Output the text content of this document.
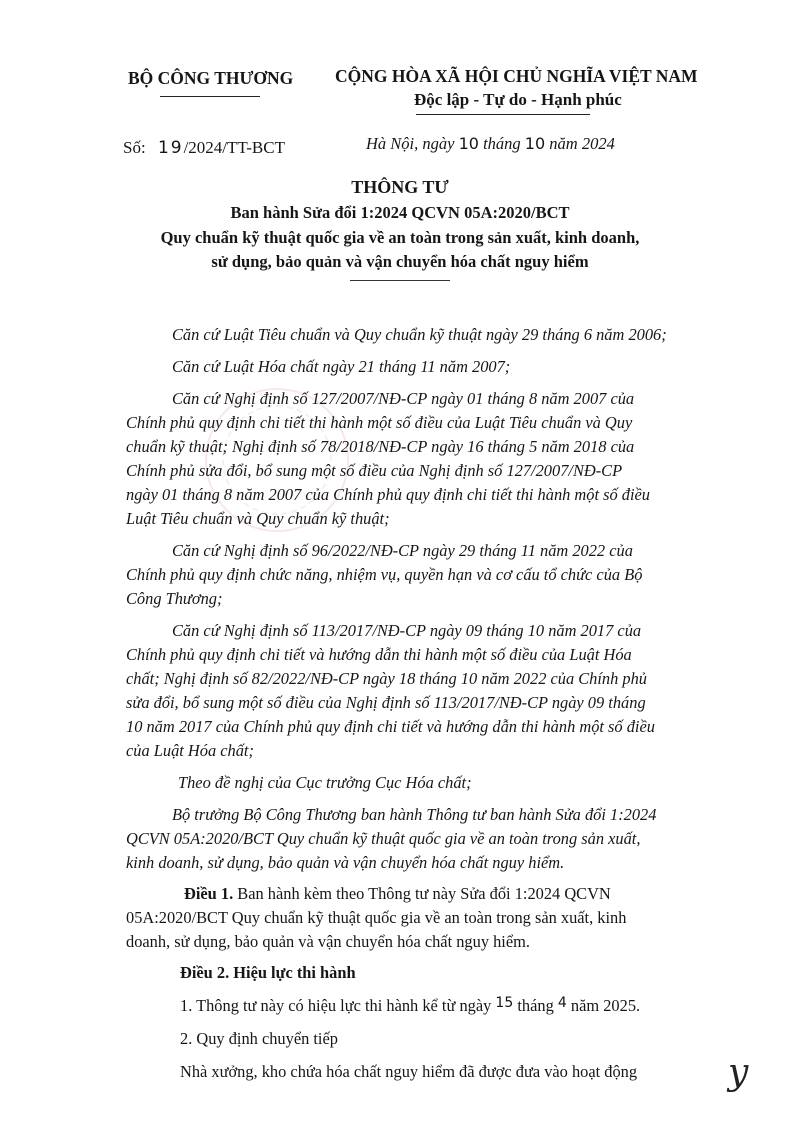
BỘ CÔNG THƯƠNG CỘNG HÒA XÃ HỘI CHỦ NGHĨA VIỆT NAM
Độc lập - Tự do - Hạnh phúc
Số: 19/2024/TT-BCT	Hà Nội, ngày 10 tháng 10 năm 2024
THÔNG TƯ
Ban hành Sửa đổi 1:2024 QCVN 05A:2020/BCT
Quy chuẩn kỹ thuật quốc gia về an toàn trong sản xuất, kinh doanh,
sử dụng, bảo quản và vận chuyển hóa chất nguy hiểm
Căn cứ Luật Tiêu chuẩn và Quy chuẩn kỹ thuật ngày 29 tháng 6 năm 2006;
Căn cứ Luật Hóa chất ngày 21 tháng 11 năm 2007;
Căn cứ Nghị định số 127/2007/NĐ-CP ngày 01 tháng 8 năm 2007 của
Chính phủ quy định chi tiết thi hành một số điều của Luật Tiêu chuẩn và Quy
chuẩn kỹ thuật; Nghị định số 78/2018/NĐ-CP ngày 16 tháng 5 năm 2018 của
Chính phủ sửa đổi, bổ sung một số điều của Nghị định số 127/2007/NĐ-CP
ngày 01 tháng 8 năm 2007 của Chính phủ quy định chi tiết thi hành một số điều
Luật Tiêu chuẩn và Quy chuẩn kỹ thuật;
Căn cứ Nghị định số 96/2022/NĐ-CP ngày 29 tháng 11 năm 2022 của
Chính phủ quy định chức năng, nhiệm vụ, quyền hạn và cơ cấu tổ chức của Bộ
Công Thương;
Căn cứ Nghị định số 113/2017/NĐ-CP ngày 09 tháng 10 năm 2017 của
Chính phủ quy định chi tiết và hướng dẫn thi hành một số điều của Luật Hóa
chất; Nghị định số 82/2022/NĐ-CP ngày 18 tháng 10 năm 2022 của Chính phủ
sửa đổi, bổ sung một số điều của Nghị định số 113/2017/NĐ-CP ngày 09 tháng
10 năm 2017 của Chính phủ quy định chi tiết và hướng dẫn thi hành một số điều
của Luật Hóa chất;
Theo đề nghị của Cục trưởng Cục Hóa chất;
Bộ trưởng Bộ Công Thương ban hành Thông tư ban hành Sửa đổi 1:2024
QCVN 05A:2020/BCT Quy chuẩn kỹ thuật quốc gia về an toàn trong sản xuất,
kinh doanh, sử dụng, bảo quản và vận chuyển hóa chất nguy hiểm.
Điều 1. Ban hành kèm theo Thông tư này Sửa đổi 1:2024 QCVN
05A:2020/BCT Quy chuẩn kỹ thuật quốc gia về an toàn trong sản xuất, kinh
doanh, sử dụng, bảo quản và vận chuyển hóa chất nguy hiểm.
Điều 2. Hiệu lực thi hành
1. Thông tư này có hiệu lực thi hành kể từ ngày 15 tháng 4 năm 2025.
2. Quy định chuyển tiếp
Nhà xưởng, kho chứa hóa chất nguy hiểm đã được đưa vào hoạt động	y
